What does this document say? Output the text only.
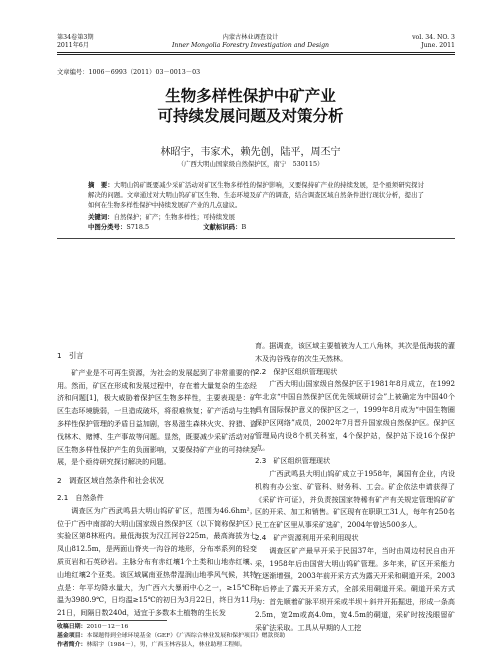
第34卷第3期
2011年6月
内蒙古林业调查设计
Inner Mongolia Forestry Investigation and Design
vol. 34. NO. 3
June. 2011
文章编号：1006－6993（2011）03－0013－03
生物多样性保护中矿产业
可持续发展问题及对策分析
林昭宇，韦家术，赖先创，陆平，周丕宁
（广西大明山国家级自然保护区，南宁　530115）
摘　要：大明山钨矿既要减少采矿活动对矿区生物多样性的保护影响，又要保持矿产业的持续发展，是个亟须研究探讨解决的问题。文章通过对大明山钨矿矿区生物、生态环境及矿产的调查，结合调查区域自然条件进行现状分析，提出了如何在生物多样性保护中持续发展矿产业的几点建议。
关键词：自然保护；矿产；生物多样性；可持续发展
中图分类号：S718.5	文献标识码：B

1　引言

矿产业是不可再生资源，为社会的发展起到了非常重要的作用。然而，矿区在形成和发展过程中，存在着大量复杂的生态经济和问题[1]，极大威胁着保护区生物多样性，主要表现是：矿区生态环境脆弱，一旦造成破坏，将很难恢复；矿产活动与生物多样性保护管理的矛盾日益加剧，容易滋生森林火灾、狩猎、盗伐林木、赌博、生产事故等问题。显然，既要减少采矿活动对矿区生物多样性保护产生的负面影响，又要保持矿产业的可持续发展，是个亟待研究探讨解决的问题。

2　调查区域自然条件和社会状况

2.1　自然条件

调查区为广西武鸣县大明山钨矿矿区，范围为46.6hm²，位于广西中南部的大明山国家级自然保护区（以下简称保护区）实验区第8林班内。最低海拔为汉江河谷225m，最高海拔为七凤山812.5m，是两面山脊夹一沟谷的地形，分布率系列的轻变质页岩和石英砂岩。主脉分布有赤红壤1个土类和山地赤红壤、山地红壤2个亚类。该区域属南亚热带湿润山地季风气候，其特点是：年平均降水量大，为广西六大暴雨中心之一，≥15℃积温为3980.9℃，日均温≥15℃的初日为3月22日，终日为11月21日，间隔日数240d，适宜于多数本土植物的生长发

育。据调查，该区域主要植被为人工八角林，其次是低海拔的灌木及沟谷残存的次生天然林。

2.2　保护区组织管理现状

广西大明山国家级自然保护区于1981年8月成立，在1992年北京“中国自然保护区优先领域研讨会”上被确定为中国40个具有国际保护意义的保护区之一，1999年8月成为“中国生物圈保护区网络”成员，2002年7月晋升国家级自然保护区。保护区管理局内设8个机关科室，4个保护站，保护站下设16个保护点。

2.3　矿区组织管理现状

广西武鸣县大明山钨矿成立于1958年，属国有企业，内设机构有办公室、矿管科、财务科、工会。矿企依法申请获得了《采矿许可证》，并负责按国家特稀有矿产有关规定管理钨矿矿区的开采、加工和销售。矿区现有在职职工31人，每年有250名民工在矿区里从事采矿选矿，2004年曾达500多人。

2.4　矿产资源利用开采利用现状

调查区矿产最早开采于民国37年，当时由周边村民自由开采，1958年后由国营大明山钨矿管理。多年来，矿区开采能力在逐渐增强，2003年前开采方式为露天开采和硐道开采，2003年后停止了露天开采方式，全部采用硐道开采。硐道开采方式为：首先顺着矿脉平坝开采或半坝＋斜井开拓掘进，形成一条高2.5m，宽2m或高4.0m，宽4.5m的硐道，采矿时按浅眼留矿采矿法采取。工具从早期的人工挖

收稿日期：2010－12－16
基金项目：本课题得到全球环境基金（GEF）《广西综合林业发展和保护项目》赠款资助
作者简介：林昭宇（1984－），男，广西玉林容县人，林业助理工程师。
